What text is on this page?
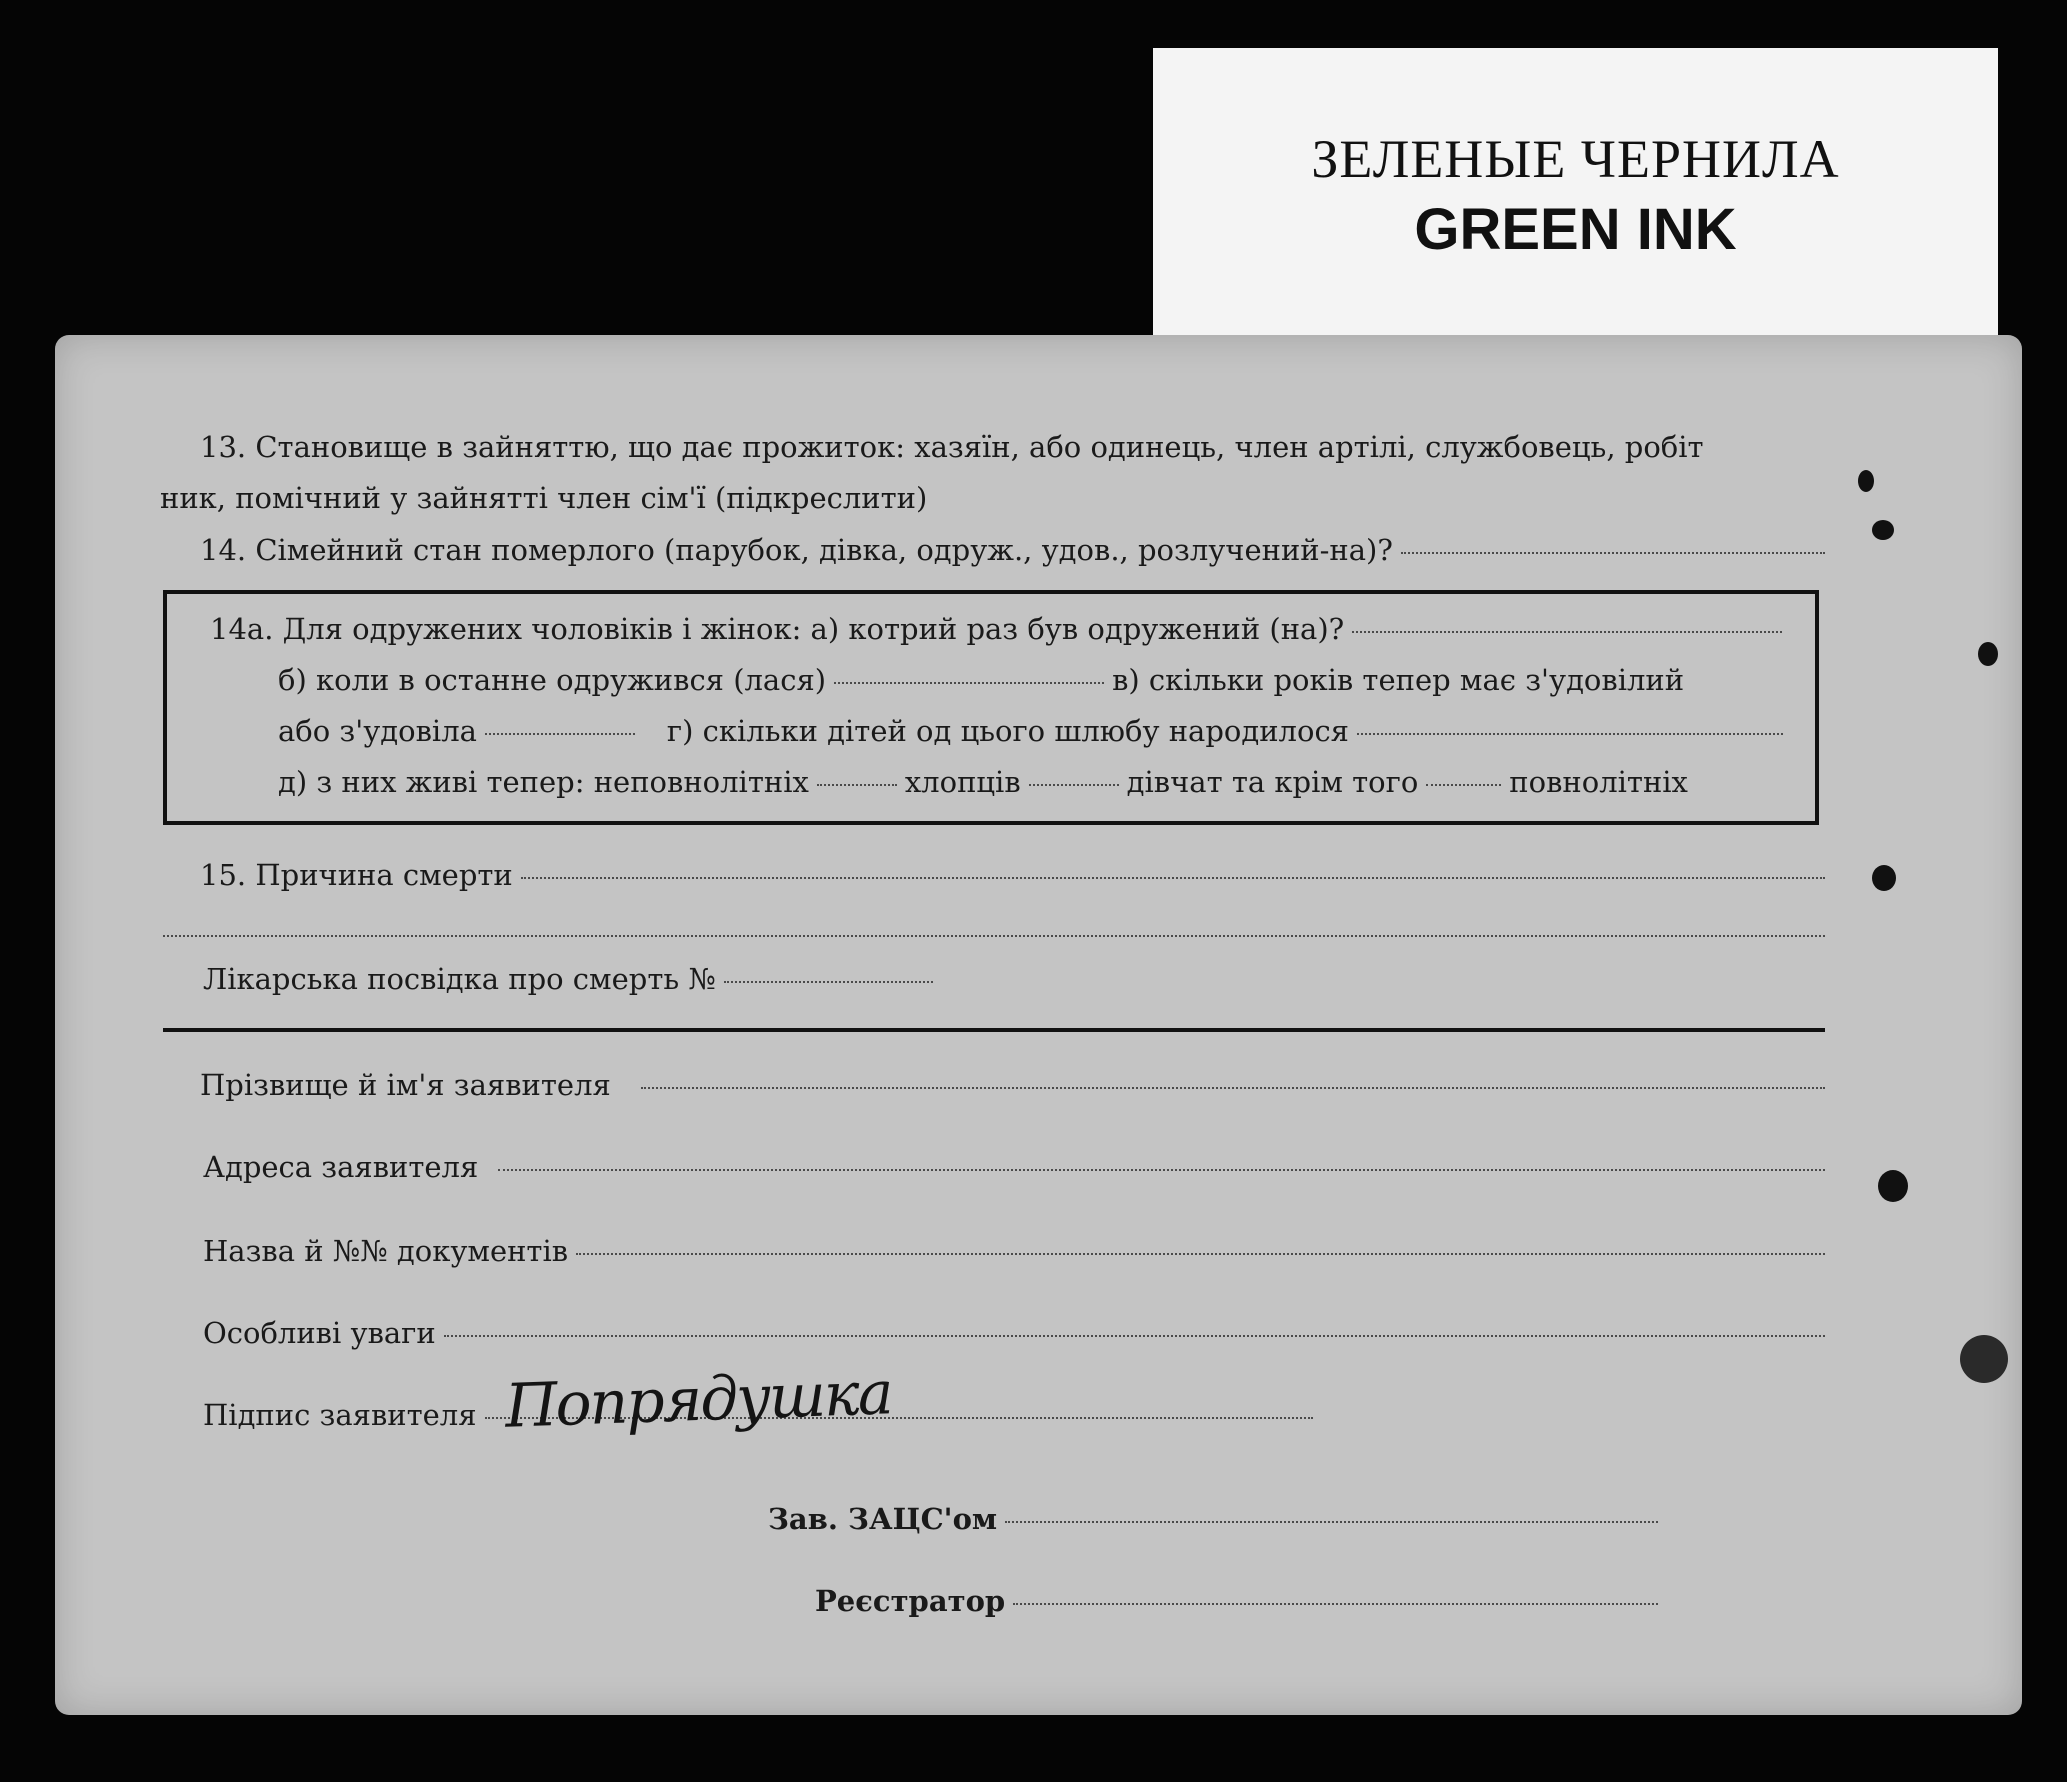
ЗЕЛЕНЫЕ ЧЕРНИЛА
GREEN INK
13. Становище в зайняттю, що дає прожиток: хазяїн, або одинець, член артілі, службовець, робіт
ник, помічний у зайнятті член сім'ї (підкреслити)
14. Сімейний стан померлого (парубок, дівка, одруж., удов., розлучений-на)?
14а. Для одружених чоловіків і жінок: а) котрий раз був одружений (на)?
б) коли в останне одружився (лася)	в) скільки років тепер має з'удовілий
або з'удовіла	г) скільки дітей од цього шлюбу народилося
д) з них живі тепер: неповнолітніх	хлопців	дівчат та крім того	повнолітніх
15. Причина смерти
Лікарська посвідка про смерть №
Прізвище й ім'я заявителя
Адреса заявителя
Назва й №№ документів
Особливі уваги
Підпис заявителя Попрядушка
Зав. ЗАЦС'ом
Реєстратор
